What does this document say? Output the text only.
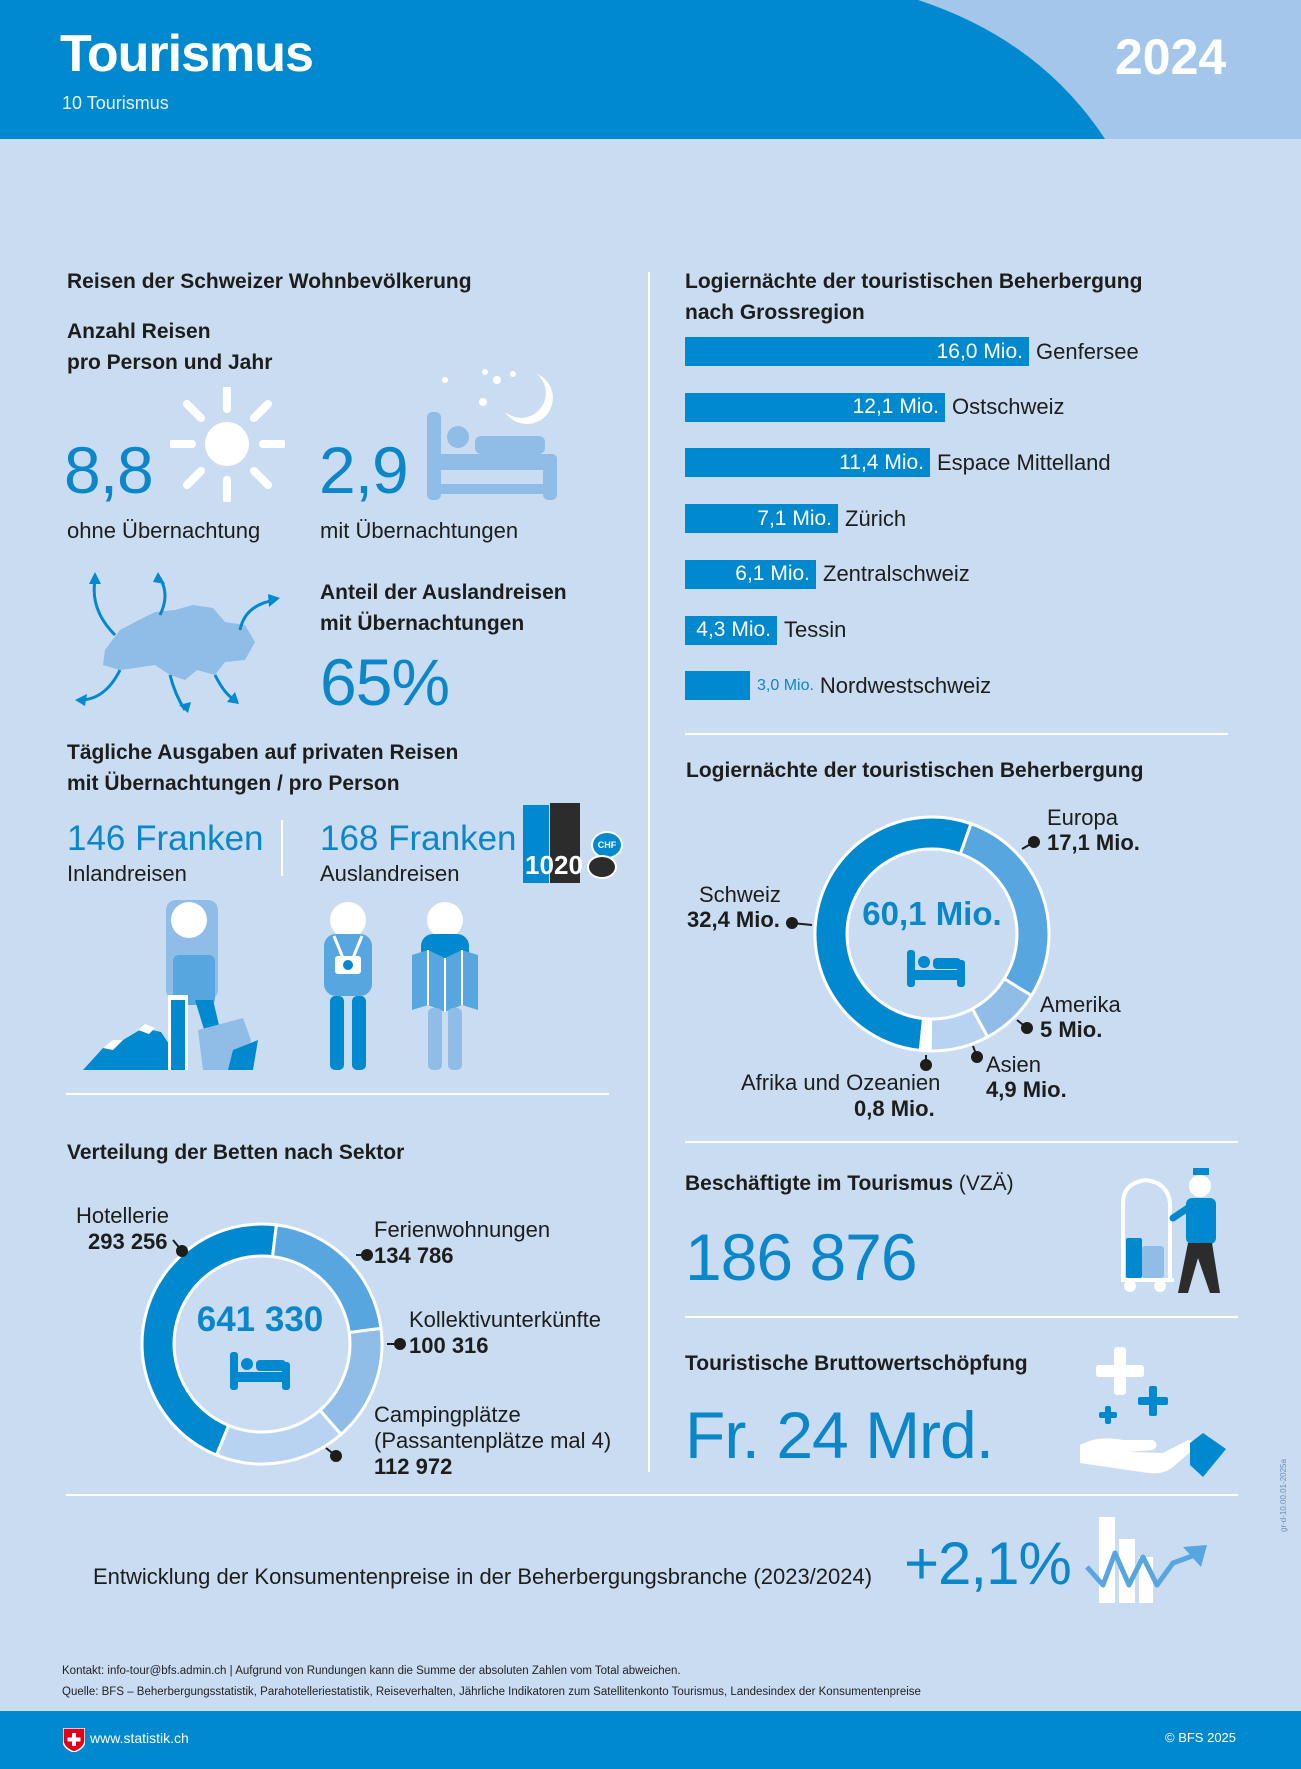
Tourismus
10 Tourismus
2024
Reisen der Schweizer Wohnbevölkerung
Anzahl Reisen
pro Person und Jahr
8,8
ohne Übernachtung
2,9
mit Übernachtungen
Anteil der Auslandreisen
mit Übernachtungen
65%
Tägliche Ausgaben auf privaten Reisen
mit Übernachtungen / pro Person
146 Franken
Inlandreisen
168 Franken
Auslandreisen	10 20
CHF
Verteilung der Betten nach Sektor
641 330
Hotellerie
293 256	Ferienwohnungen
134 786
Kollektivunterkünfte
100 316
Campingplätze
(Passantenplätze mal 4)
112 972
Logiernächte der touristischen Beherbergung
nach Grossregion
16,0 Mio. Genfersee
12,1 Mio. Ostschweiz
11,4 Mio. Espace Mittelland
7,1 Mio. Zürich
6,1 Mio. Zentralschweiz
4,3 Mio. Tessin
3,0 Mio. Nordwestschweiz
Logiernächte der touristischen Beherbergung
60,1 Mio.
Schweiz
32,4 Mio.
Europa
17,1 Mio.
Amerika
5 Mio.
Asien
4,9 Mio.
Afrika und Ozeanien
0,8 Mio.
Beschäftigte im Tourismus (VZÄ)
186 876
Touristische Bruttowertschöpfung
Fr. 24 Mrd.
Entwicklung der Konsumentenpreise in der Beherbergungsbranche (2023/2024) +2,1%
gr-d-10.00.01-2025a
Kontakt: info-tour@bfs.admin.ch | Aufgrund von Rundungen kann die Summe der absoluten Zahlen vom Total abweichen.
Quelle: BFS – Beherbergungsstatistik, Parahotelleriestatistik, Reiseverhalten, Jährliche Indikatoren zum Satellitenkonto Tourismus, Landesindex der Konsumentenpreise
www.statistik.ch	© BFS 2025
